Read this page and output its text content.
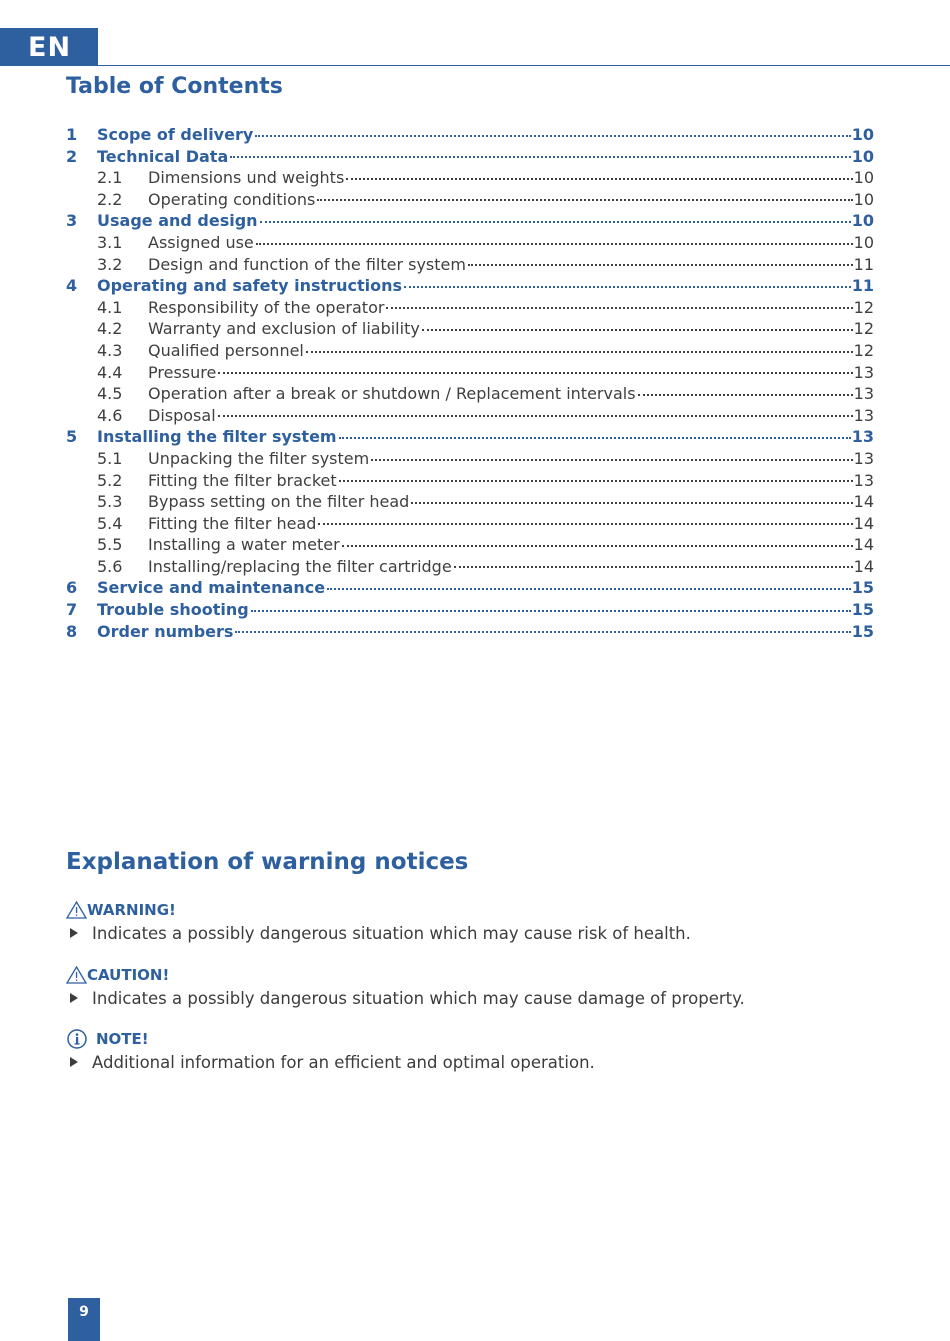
EN
Table of Contents
1	Scope of delivery	10
2	Technical Data	10
2.1	Dimensions und weights	10
2.2	Operating conditions	10
3	Usage and design	10
3.1	Assigned use	10
3.2	Design and function of the filter system	11
4	Operating and safety instructions	11
4.1	Responsibility of the operator	12
4.2	Warranty and exclusion of liability	12
4.3	Qualified personnel	12
4.4	Pressure	13
4.5	Operation after a break or shutdown / Replacement intervals	13
4.6	Disposal	13
5	Installing the filter system	13
5.1	Unpacking the filter system	13
5.2	Fitting the filter bracket	13
5.3	Bypass setting on the filter head	14
5.4	Fitting the filter head	14
5.5	Installing a water meter	14
5.6	Installing/replacing the filter cartridge	14
6	Service and maintenance	15
7	Trouble shooting	15
8	Order numbers	15
Explanation of warning notices
WARNING!
Indicates a possibly dangerous situation which may cause risk of health.
CAUTION!
Indicates a possibly dangerous situation which may cause damage of property.
NOTE!
Additional information for an efficient and optimal operation.
9
